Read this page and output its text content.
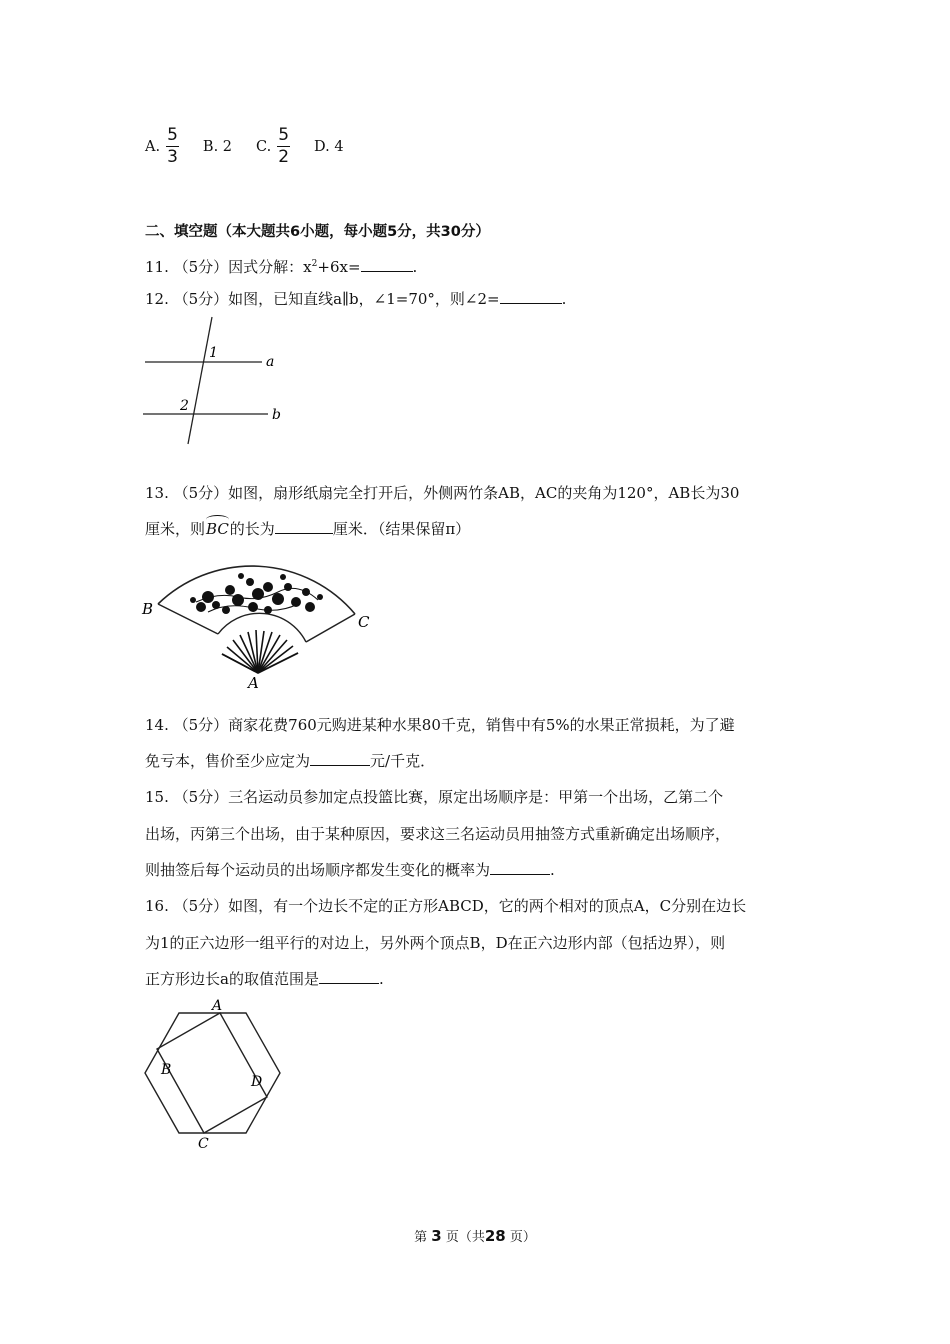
A. $\frac{5}{3} B$. 2 C. $\frac{5}{2} D$. 4
二、填空题（本大题共6小题，每小题5分，共30分）
11. （5分）因式分解：$x^2+6x=$	.
12. （5分）如图，已知直线a∥b，∠1=70°，则∠2=	.
1
2
a
b
13. （5分）如图，扇形纸扇完全打开后，外侧两竹条AB，AC的夹角为120°，AB长为30
厘米，则BC的长为	厘米．（结果保留π）
B
C
A
14. （5分）商家花费760元购进某种水果80千克，销售中有5%的水果正常损耗，为了避
免亏本，售价至少应定为	元/千克．
15. （5分）三名运动员参加定点投篮比赛，原定出场顺序是：甲第一个出场，乙第二个
出场，丙第三个出场，由于某种原因，要求这三名运动员用抽签方式重新确定出场顺序，
则抽签后每个运动员的出场顺序都发生变化的概率为	.
16. （5分）如图，有一个边长不定的正方形ABCD，它的两个相对的顶点A，C分别在边长
为1的正六边形一组平行的对边上，另外两个顶点B，D在正六边形内部（包括边界），则
正方形边长a的取值范围是	.
A
B
D
C
第 3 页（共28 页）
